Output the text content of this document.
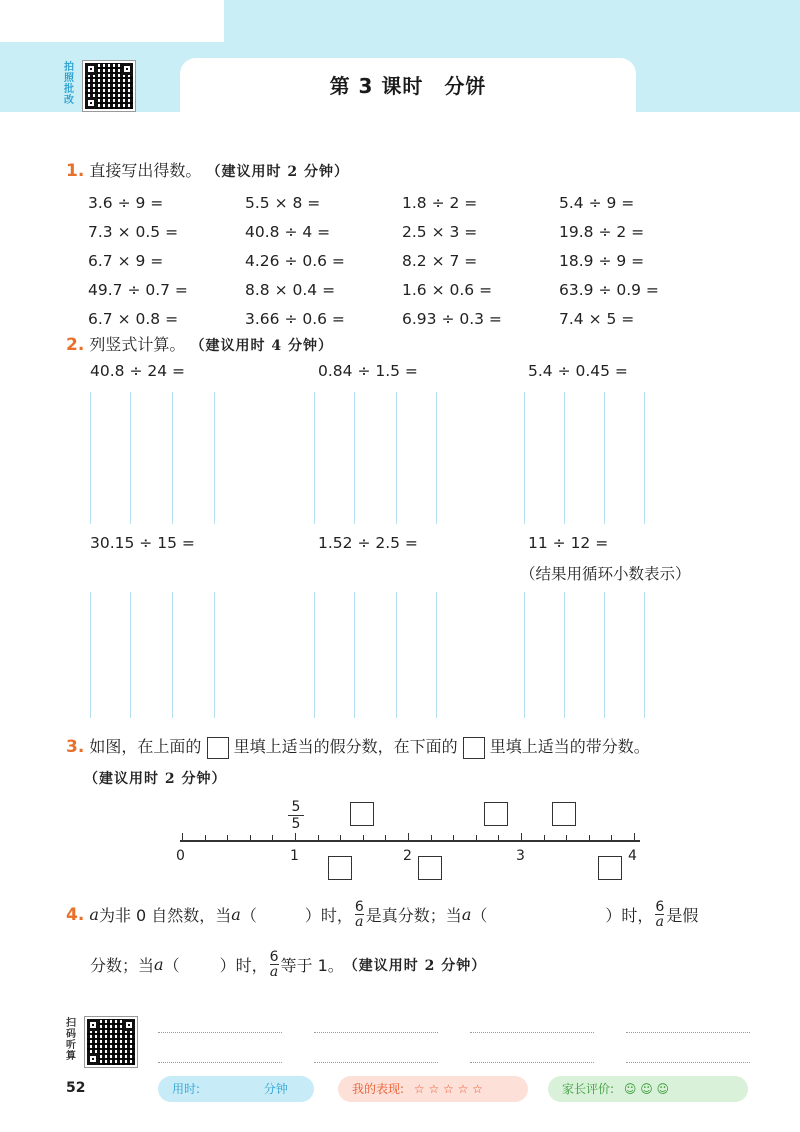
第 3 课时　分饼
拍照批改
1. 直接写出得数。 （建议用时 2 分钟）
3.6 ÷ 9 =	5.5 × 8 =	1.8 ÷ 2 =	5.4 ÷ 9 =
7.3 × 0.5 =	40.8 ÷ 4 =	2.5 × 3 =	19.8 ÷ 2 =
6.7 × 9 =	4.26 ÷ 0.6 =	8.2 × 7 =	18.9 ÷ 9 =
49.7 ÷ 0.7 =	8.8 × 0.4 =	1.6 × 0.6 =	63.9 ÷ 0.9 =
6.7 × 0.8 =	3.66 ÷ 0.6 =	6.93 ÷ 0.3 =	7.4 × 5 =
2. 列竖式计算。 （建议用时 4 分钟）
40.8 ÷ 24 =	0.84 ÷ 1.5 =	5.4 ÷ 0.45 =
30.15 ÷ 15 =	1.52 ÷ 2.5 =	11 ÷ 12 =
（结果用循环小数表示）
3. 如图，在上面的 里填上适当的假分数，在下面的 里填上适当的带分数。
（建议用时 2 分钟）
5
5
0	1	2	3	4
4.
a 为非 0 自然数，当 a （	）时， $\frac{6}{a}$ 是真分数；当 a （	）时， $\frac{6}{a}$ 是假
分数；当 a （	）时， $\frac{6}{a}$ 等于 1。 （建议用时 2 分钟）
扫码听算
52	用时:	分钟	我的表现: ☆ ☆ ☆ ☆ ☆	家长评价: ☺ ☺ ☺
